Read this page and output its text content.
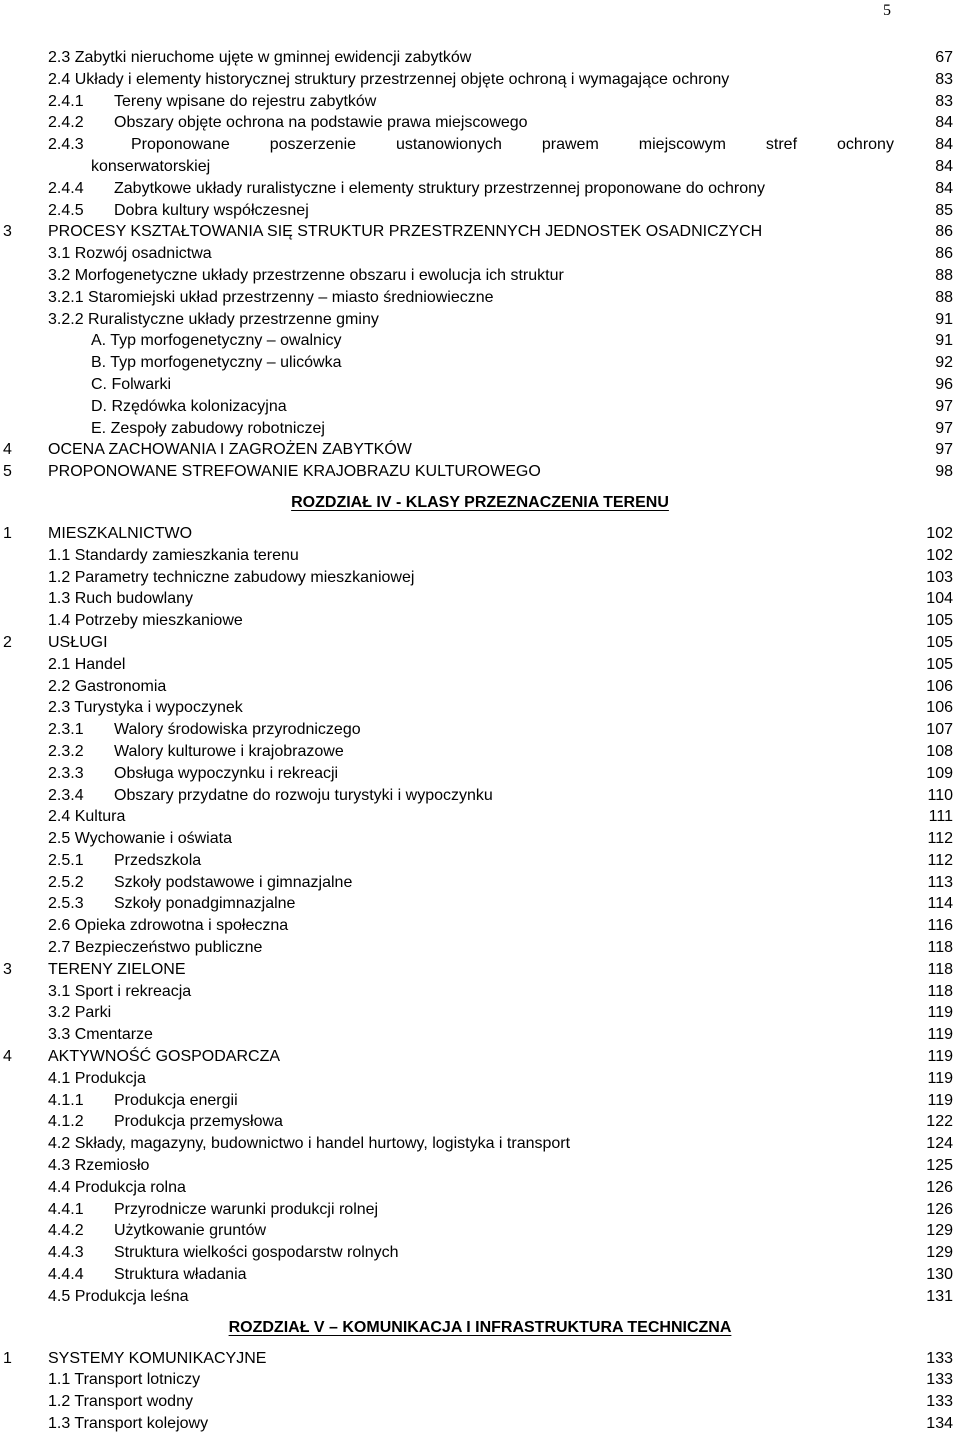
5
2.3 Zabytki nieruchome ujęte w gminnej ewidencji zabytków	67
2.4 Układy i elementy historycznej struktury przestrzennej objęte ochroną i wymagające ochrony	83
2.4.1 Tereny wpisane do rejestru zabytków	83
2.4.2 Obszary objęte ochrona na podstawie prawa miejscowego	84
2.4.3	Proponowane	poszerzenie	ustanowionych	prawem	miejscowym	stref	ochrony	84
konserwatorskiej	84
2.4.4 Zabytkowe układy ruralistyczne i elementy struktury przestrzennej proponowane do ochrony	84
2.4.5 Dobra kultury współczesnej	85
3 PROCESY KSZTAŁTOWANIA SIĘ STRUKTUR PRZESTRZENNYCH JEDNOSTEK OSADNICZYCH	86
3.1 Rozwój osadnictwa	86
3.2 Morfogenetyczne układy przestrzenne obszaru i ewolucja ich struktur	88
3.2.1 Staromiejski układ przestrzenny – miasto średniowieczne	88
3.2.2 Ruralistyczne układy przestrzenne gminy	91
A. Typ morfogenetyczny – owalnicy	91
B. Typ morfogenetyczny – ulicówka	92
C. Folwarki	96
D. Rzędówka kolonizacyjna	97
E. Zespoły zabudowy robotniczej	97
4 OCENA ZACHOWANIA I ZAGROŻEN ZABYTKÓW	97
5 PROPONOWANE STREFOWANIE KRAJOBRAZU KULTUROWEGO	98
ROZDZIAŁ IV - KLASY PRZEZNACZENIA TERENU
1 MIESZKALNICTWO	102
1.1 Standardy zamieszkania terenu	102
1.2 Parametry techniczne zabudowy mieszkaniowej	103
1.3 Ruch budowlany	104
1.4 Potrzeby mieszkaniowe	105
2 USŁUGI	105
2.1 Handel	105
2.2 Gastronomia	106
2.3 Turystyka i wypoczynek	106
2.3.1 Walory środowiska przyrodniczego	107
2.3.2 Walory kulturowe i krajobrazowe	108
2.3.3 Obsługa wypoczynku i rekreacji	109
2.3.4 Obszary przydatne do rozwoju turystyki i wypoczynku	110
2.4 Kultura	111
2.5 Wychowanie i oświata	112
2.5.1 Przedszkola	112
2.5.2 Szkoły podstawowe i gimnazjalne	113
2.5.3 Szkoły ponadgimnazjalne	114
2.6 Opieka zdrowotna i społeczna	116
2.7 Bezpieczeństwo publiczne	118
3 TERENY ZIELONE	118
3.1 Sport i rekreacja	118
3.2 Parki	119
3.3 Cmentarze	119
4 AKTYWNOŚĆ GOSPODARCZA	119
4.1 Produkcja	119
4.1.1 Produkcja energii	119
4.1.2 Produkcja przemysłowa	122
4.2 Składy, magazyny, budownictwo i handel hurtowy, logistyka i transport	124
4.3 Rzemiosło	125
4.4 Produkcja rolna	126
4.4.1 Przyrodnicze warunki produkcji rolnej	126
4.4.2 Użytkowanie gruntów	129
4.4.3 Struktura wielkości gospodarstw rolnych	129
4.4.4 Struktura władania	130
4.5 Produkcja leśna	131
ROZDZIAŁ V – KOMUNIKACJA I INFRASTRUKTURA TECHNICZNA
1 SYSTEMY KOMUNIKACYJNE	133
1.1 Transport lotniczy	133
1.2 Transport wodny	133
1.3 Transport kolejowy	134
